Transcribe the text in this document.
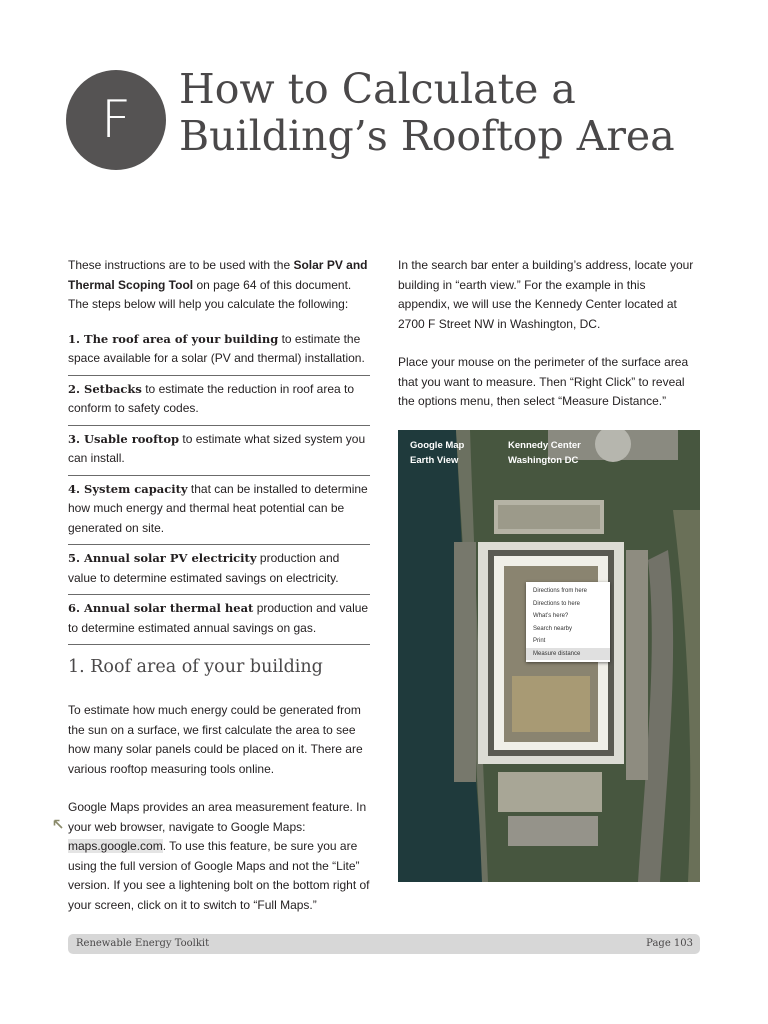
F
How to Calculate a
Building’s Rooftop Area

These instructions are to be used with the Solar PV and Thermal Scoping Tool on page 64 of this document. The steps below will help you calculate the following:

1. The roof area of your building to estimate the space available for a solar (PV and thermal) installation.
2. Setbacks to estimate the reduction in roof area to conform to safety codes.
3. Usable rooftop to estimate what sized system you can install.
4. System capacity that can be installed to determine how much energy and thermal heat potential can be generated on site.
5. Annual solar PV electricity production and value to determine estimated savings on electricity.
6. Annual solar thermal heat production and value to determine estimated annual savings on gas.
1. Roof area of your building

To estimate how much energy could be generated from the sun on a surface, we first calculate the area to see how many solar panels could be placed on it. There are various rooftop measuring tools online.

Google Maps provides an area measurement feature. In your web browser, navigate to Google Maps: maps.google.com. To use this feature, be sure you are using the full version of Google Maps and not the “Lite” version. If you see a lightening bolt on the bottom right of your screen, click on it to switch to “Full Maps.”

In the search bar enter a building’s address, locate your building in “earth view.” For the example in this appendix, we will use the Kennedy Center located at 2700 F Street NW in Washington, DC.

Place your mouse on the perimeter of the surface area that you want to measure. Then “Right Click” to reveal the options menu, then select “Measure Distance.”

Google Map
Earth View
Kennedy Center
Washington DC
Directions from here
Directions to here
What’s here?
Search nearby
Print
Measure distance
Renewable Energy Toolkit	Page 103
